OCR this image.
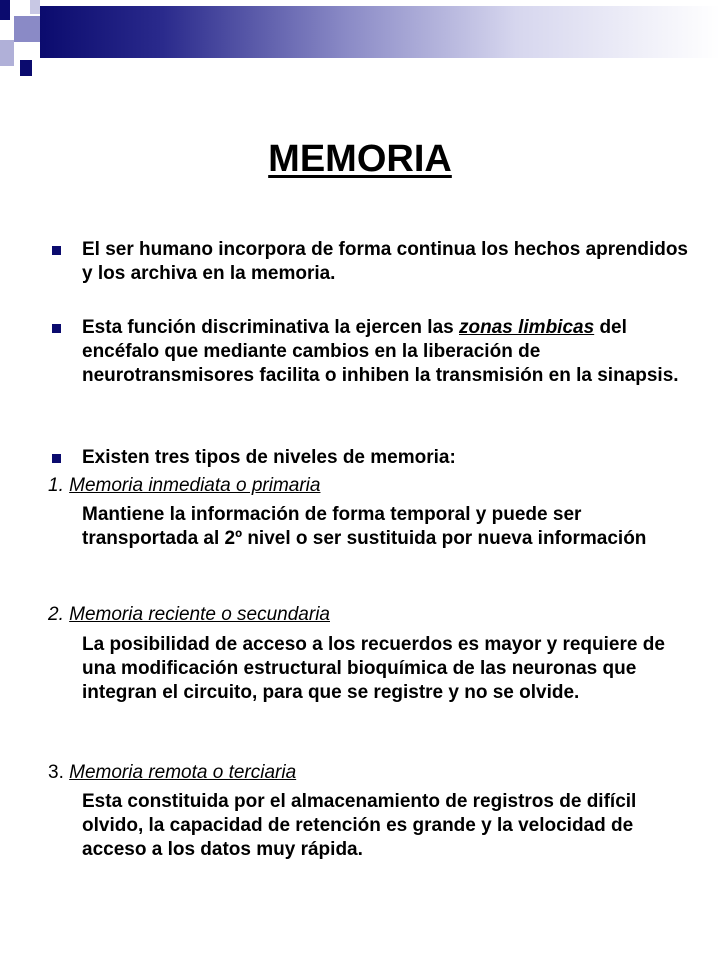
MEMORIA
El ser humano incorpora de forma continua los hechos aprendidos y los archiva en la memoria.
Esta función discriminativa la ejercen las zonas limbicas del encéfalo que mediante cambios en la liberación de neurotransmisores facilita o inhiben la transmisión en la sinapsis.
Existen tres tipos de niveles de memoria:
1. Memoria inmediata o primaria
Mantiene la información de forma temporal y puede ser transportada al 2º nivel o ser sustituida por nueva información
2. Memoria reciente o secundaria
La posibilidad de acceso a los recuerdos es mayor y requiere de una modificación estructural bioquímica de las neuronas que integran el circuito, para que se registre y no se olvide.
3. Memoria remota o terciaria
Esta constituida por el almacenamiento de registros de difícil olvido, la capacidad de retención es grande y la velocidad de acceso a los datos muy rápida.
